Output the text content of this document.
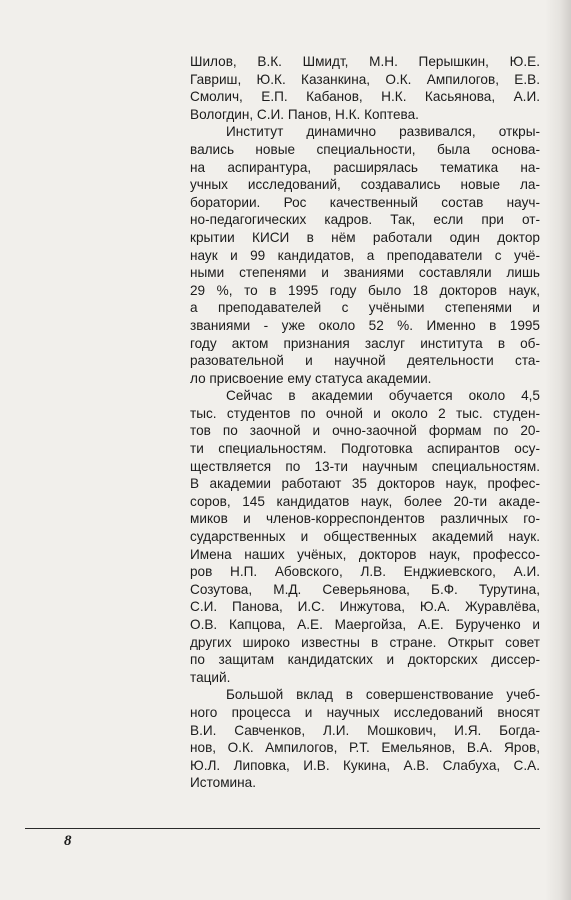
Шилов, В.К. Шмидт, М.Н. Перышкин, Ю.Е.
Гавриш, Ю.К. Казанкина, О.К. Ампилогов, Е.В.
Смолич, Е.П. Кабанов, Н.К. Касьянова, А.И.
Вологдин, С.И. Панов, Н.К. Коптева.
Институт динамично развивался, откры-
вались новые специальности, была основа-
на аспирантура, расширялась тематика на-
учных исследований, создавались новые ла-
боратории. Рос качественный состав науч-
но-педагогических кадров. Так, если при от-
крытии КИСИ в нём работали один доктор
наук и 99 кандидатов, а преподаватели с учё-
ными степенями и званиями составляли лишь
29 %, то в 1995 году было 18 докторов наук,
а преподавателей с учёными степенями и
званиями - уже около 52 %. Именно в 1995
году актом признания заслуг института в об-
разовательной и научной деятельности ста-
ло присвоение ему статуса академии.
Сейчас в академии обучается около 4,5
тыс. студентов по очной и около 2 тыс. студен-
тов по заочной и очно-заочной формам по 20-
ти специальностям. Подготовка аспирантов осу-
ществляется по 13-ти научным специальностям.
В академии работают 35 докторов наук, профес-
соров, 145 кандидатов наук, более 20-ти акаде-
миков и членов-корреспондентов различных го-
сударственных и общественных академий наук.
Имена наших учёных, докторов наук, профессо-
ров Н.П. Абовского, Л.В. Енджиевского, А.И.
Созутова, М.Д. Северьянова, Б.Ф. Турутина,
С.И. Панова, И.С. Инжутова, Ю.А. Журавлёва,
О.В. Капцова, А.Е. Маергойза, А.Е. Бурученко и
других широко известны в стране. Открыт совет
по защитам кандидатских и докторских диссер-
таций.
Большой вклад в совершенствование учеб-
ного процесса и научных исследований вносят
В.И. Савченков, Л.И. Мошкович, И.Я. Богда-
нов, О.К. Ампилогов, Р.Т. Емельянов, В.А. Яров,
Ю.Л. Липовка, И.В. Кукина, А.В. Слабуха, С.А.
Истомина.
8
